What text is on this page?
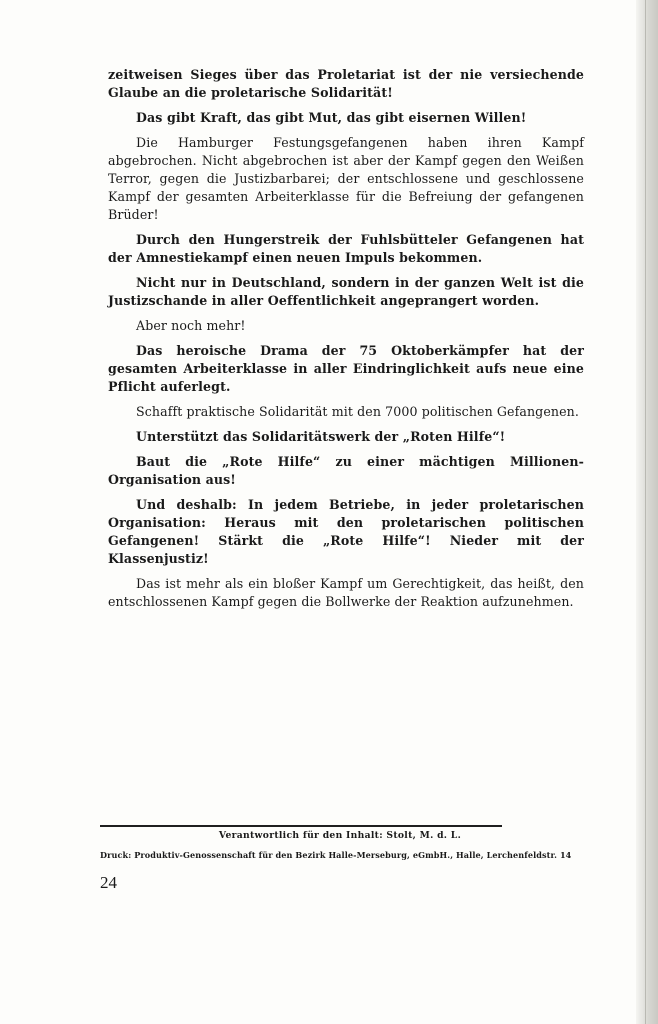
zeitweisen Sieges über das Proletariat ist der nie versiechende Glaube an die proletarische Solidarität!

Das gibt Kraft, das gibt Mut, das gibt eisernen Willen!

Die Hamburger Festungsgefangenen haben ihren Kampf abgebrochen. Nicht abgebrochen ist aber der Kampf gegen den Weißen Terror, gegen die Justizbarbarei; der entschlossene und geschlossene Kampf der gesamten Arbeiterklasse für die Befreiung der gefangenen Brüder!

Durch den Hungerstreik der Fuhlsbütteler Gefangenen hat der Amnestiekampf einen neuen Impuls bekommen.

Nicht nur in Deutschland, sondern in der ganzen Welt ist die Justizschande in aller Oeffentlichkeit angeprangert worden.

Aber noch mehr!

Das heroische Drama der 75 Oktoberkämpfer hat der gesamten Arbeiterklasse in aller Eindringlichkeit aufs neue eine Pflicht auferlegt.

Schafft praktische Solidarität mit den 7000 politischen Gefangenen.

Unterstützt das Solidaritätswerk der „Roten Hilfe“!

Baut die „Rote Hilfe“ zu einer mächtigen Millionen-Organisation aus!

Und deshalb: In jedem Betriebe, in jeder proletarischen Organisation: Heraus mit den proletarischen politischen Gefangenen! Stärkt die „Rote Hilfe“! Nieder mit der Klassenjustiz!

Das ist mehr als ein bloßer Kampf um Gerechtigkeit, das heißt, den entschlossenen Kampf gegen die Bollwerke der Reaktion aufzunehmen.

Verantwortlich für den Inhalt: Stolt, M. d. L.
Druck: Produktiv-Genossenschaft für den Bezirk Halle-Merseburg, eGmbH., Halle, Lerchenfeldstr. 14
24
